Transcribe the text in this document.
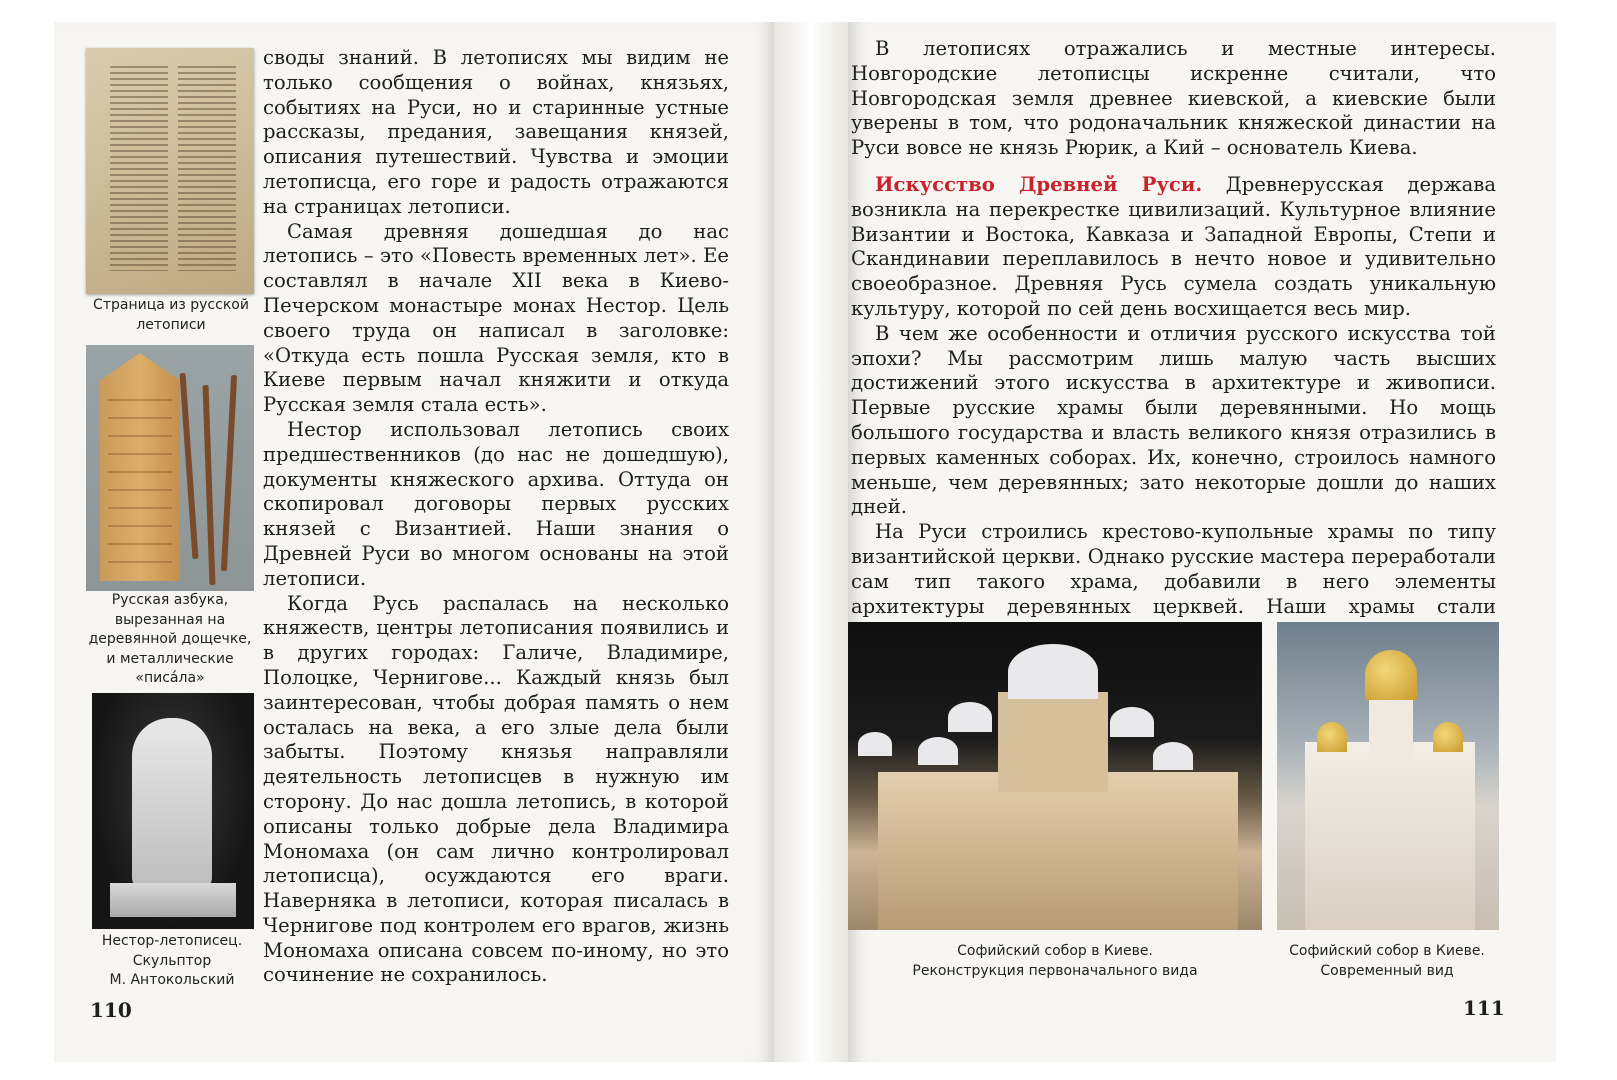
Страница из русской
летописи
Русская азбука,
вырезанная на
деревянной дощечке,
и металлические
«писа́ла»
Нестор-летописец.
Скульптор
М. Антокольский

своды знаний. В летописях мы видим не только сообщения о войнах, князьях, событиях на Руси, но и старинные устные рассказы, предания, завещания князей, описания путешествий. Чувства и эмоции летописца, его горе и радость отражаются на страницах летописи.

Самая древняя дошедшая до нас летопись – это «Повесть временных лет». Ее составлял в начале XII века в Киево-Печерском монастыре монах Нестор. Цель своего труда он написал в заголовке: «Откуда есть пошла Русская земля, кто в Киеве первым начал княжити и откуда Русская земля стала есть».

Нестор использовал летопись своих предшественников (до нас не дошедшую), документы княжеского архива. Оттуда он скопировал договоры первых русских князей с Византией. Наши знания о Древней Руси во многом основаны на этой летописи.

Когда Русь распалась на несколько княжеств, центры летописания появились и в других городах: Галиче, Владимире, Полоцке, Чернигове... Каждый князь был заинтересован, чтобы добрая память о нем осталась на века, а его злые дела были забыты. Поэтому князья направляли деятельность летописцев в нужную им сторону. До нас дошла летопись, в которой описаны только добрые дела Владимира Мономаха (он сам лично контролировал летописца), осуждаются его враги. Наверняка в летописи, которая писалась в Чернигове под контролем его врагов, жизнь Мономаха описана совсем по-иному, но это сочинение не сохранилось.

110

В летописях отражались и местные интересы. Новгородские летописцы искренне считали, что Новгородская земля древнее киевской, а киевские были уверены в том, что родоначальник княжеской династии на Руси вовсе не князь Рюрик, а Кий – основатель Киева.

Искусство Древней Руси. Древнерусская держава возникла на перекрестке цивилизаций. Культурное влияние Византии и Востока, Кавказа и Западной Европы, Степи и Скандинавии переплавилось в нечто новое и удивительно своеобразное. Древняя Русь сумела создать уникальную культуру, которой по сей день восхищается весь мир.

В чем же особенности и отличия русского искусства той эпохи? Мы рассмотрим лишь малую часть высших достижений этого искусства в архитектуре и живописи. Первые русские храмы были деревянными. Но мощь большого государства и власть великого князя отразились в первых каменных соборах. Их, конечно, строилось намного меньше, чем деревянных; зато некоторые дошли до наших дней.

На Руси строились крестово-купольные храмы по типу византийской церкви. Однако русские мастера переработали сам тип такого храма, добавили в него элементы архитектуры деревянных церквей. Наши храмы стали

Софийский собор в Киеве.
Реконструкция первоначального вида
Софийский собор в Киеве.
Современный вид
111
